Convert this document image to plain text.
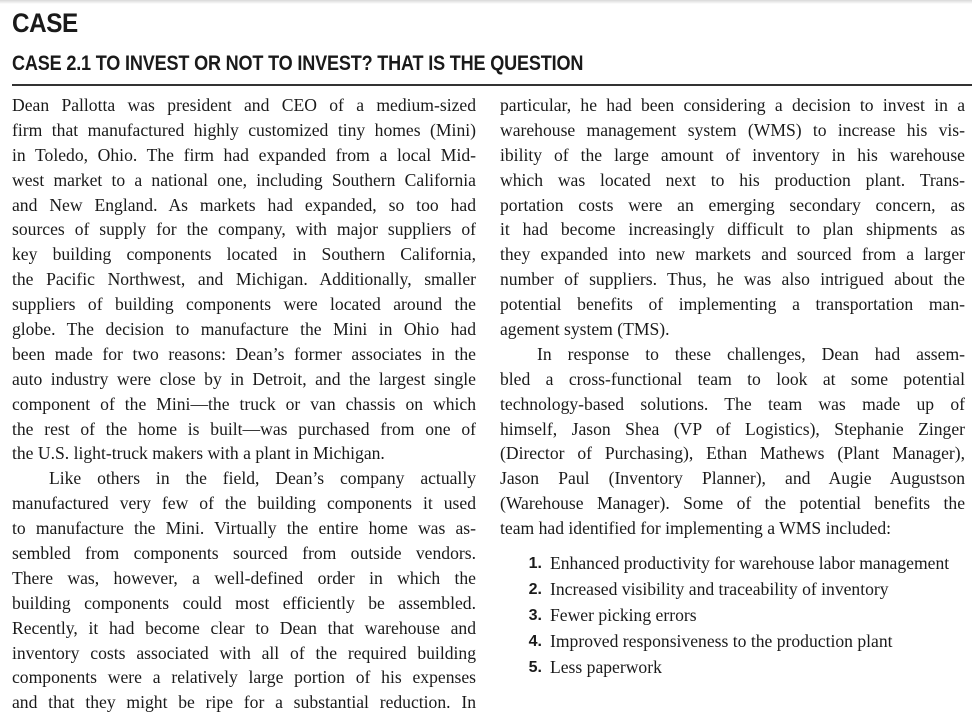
CASE
CASE 2.1 TO INVEST OR NOT TO INVEST? THAT IS THE QUESTION
Dean Pallotta was president and CEO of a medium-sized
firm that manufactured highly customized tiny homes (Mini)
in Toledo, Ohio. The firm had expanded from a local Mid-
west market to a national one, including Southern California
and New England. As markets had expanded, so too had
sources of supply for the company, with major suppliers of
key building components located in Southern California,
the Pacific Northwest, and Michigan. Additionally, smaller
suppliers of building components were located around the
globe. The decision to manufacture the Mini in Ohio had
been made for two reasons: Dean’s former associates in the
auto industry were close by in Detroit, and the largest single
component of the Mini—the truck or van chassis on which
the rest of the home is built—was purchased from one of
the U.S. light-truck makers with a plant in Michigan.
Like others in the field, Dean’s company actually
manufactured very few of the building components it used
to manufacture the Mini. Virtually the entire home was as-
sembled from components sourced from outside vendors.
There was, however, a well-defined order in which the
building components could most efficiently be assembled.
Recently, it had become clear to Dean that warehouse and
inventory costs associated with all of the required building
components were a relatively large portion of his expenses
and that they might be ripe for a substantial reduction. In
particular, he had been considering a decision to invest in a
warehouse management system (WMS) to increase his vis-
ibility of the large amount of inventory in his warehouse
which was located next to his production plant. Trans-
portation costs were an emerging secondary concern, as
it had become increasingly difficult to plan shipments as
they expanded into new markets and sourced from a larger
number of suppliers. Thus, he was also intrigued about the
potential benefits of implementing a transportation man-
agement system (TMS).
In response to these challenges, Dean had assem-
bled a cross-functional team to look at some potential
technology-based solutions. The team was made up of
himself, Jason Shea (VP of Logistics), Stephanie Zinger
(Director of Purchasing), Ethan Mathews (Plant Manager),
Jason Paul (Inventory Planner), and Augie Augustson
(Warehouse Manager). Some of the potential benefits the
team had identified for implementing a WMS included:
1. Enhanced productivity for warehouse labor management
2. Increased visibility and traceability of inventory
3. Fewer picking errors
4. Improved responsiveness to the production plant
5. Less paperwork
